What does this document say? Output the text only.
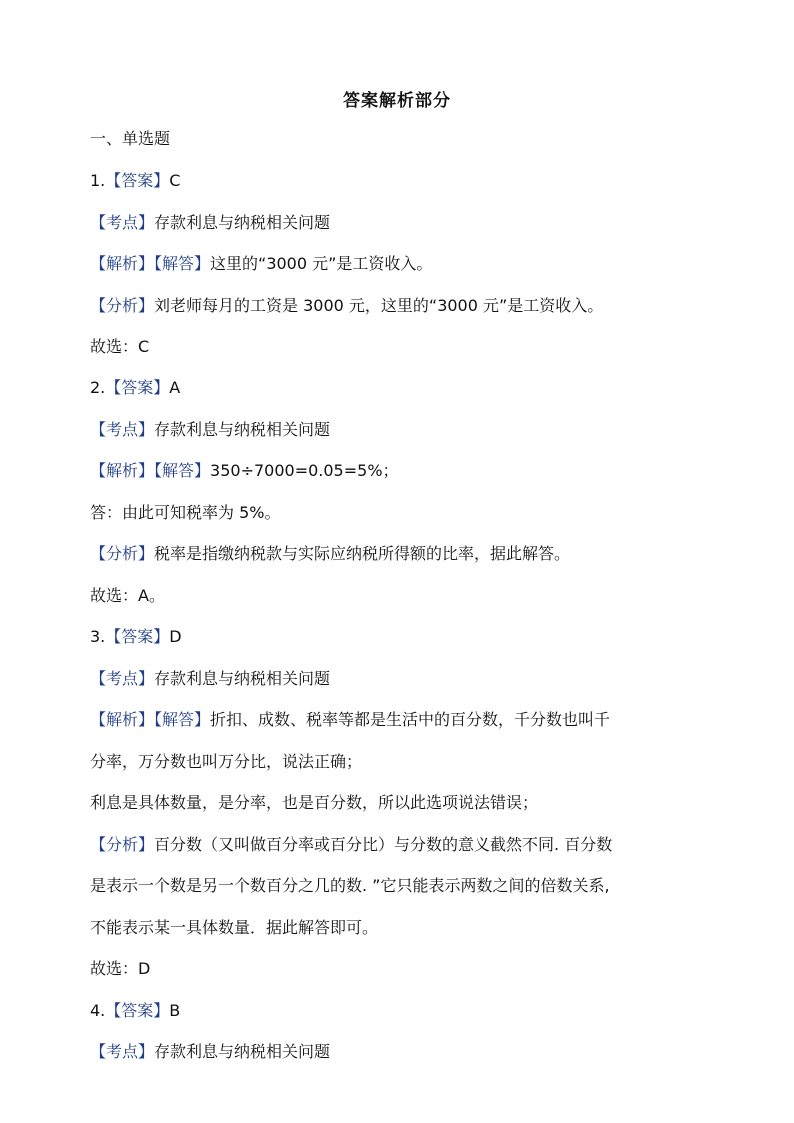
答案解析部分
一、单选题
1.【答案】C
【考点】存款利息与纳税相关问题
【解析】【解答】这里的“3000 元”是工资收入。
【分析】刘老师每月的工资是 3000 元，这里的“3000 元”是工资收入。
故选：C
2.【答案】A
【考点】存款利息与纳税相关问题
【解析】【解答】350÷7000=0.05=5%；
答：由此可知税率为 5%。
【分析】税率是指缴纳税款与实际应纳税所得额的比率，据此解答。
故选：A。
3.【答案】D
【考点】存款利息与纳税相关问题
【解析】【解答】折扣、成数、税率等都是生活中的百分数，千分数也叫千
分率，万分数也叫万分比，说法正确；
利息是具体数量，是分率，也是百分数，所以此选项说法错误；
【分析】百分数（又叫做百分率或百分比）与分数的意义截然不同. 百分数
是表示一个数是另一个数百分之几的数. ”它只能表示两数之间的倍数关系,
不能表示某一具体数量．据此解答即可。
故选：D
4.【答案】B
【考点】存款利息与纳税相关问题
